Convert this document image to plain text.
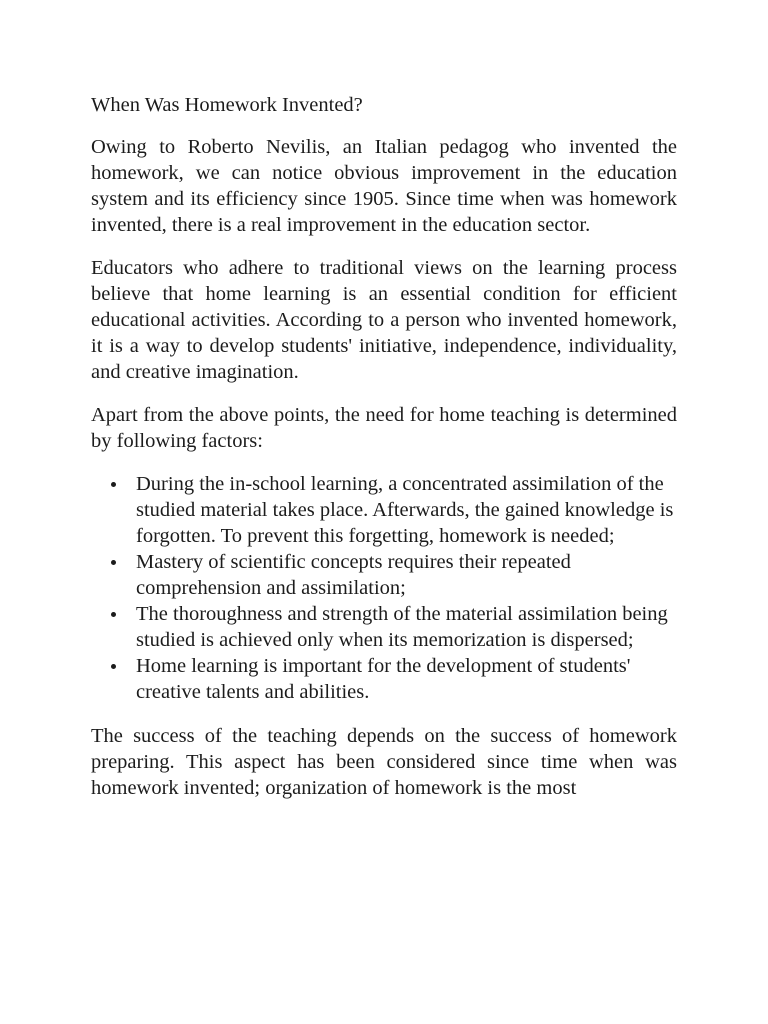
When Was Homework Invented?

Owing to Roberto Nevilis, an Italian pedagog who invented the homework, we can notice obvious improvement in the education system and its efficiency since 1905. Since time when was homework invented, there is a real improvement in the education sector.

Educators who adhere to traditional views on the learning process believe that home learning is an essential condition for efficient educational activities. According to a person who invented homework, it is a way to develop students' initiative, independence, individuality, and creative imagination.

Apart from the above points, the need for home teaching is determined by following factors:

During the in-school learning, a concentrated assimilation of the studied material takes place. Afterwards, the gained knowledge is forgotten. To prevent this forgetting, homework is needed;
Mastery of scientific concepts requires their repeated comprehension and assimilation;
The thoroughness and strength of the material assimilation being studied is achieved only when its memorization is dispersed;
Home learning is important for the development of students' creative talents and abilities.

The success of the teaching depends on the success of homework preparing. This aspect has been considered since time when was homework invented; organization of homework is the most
